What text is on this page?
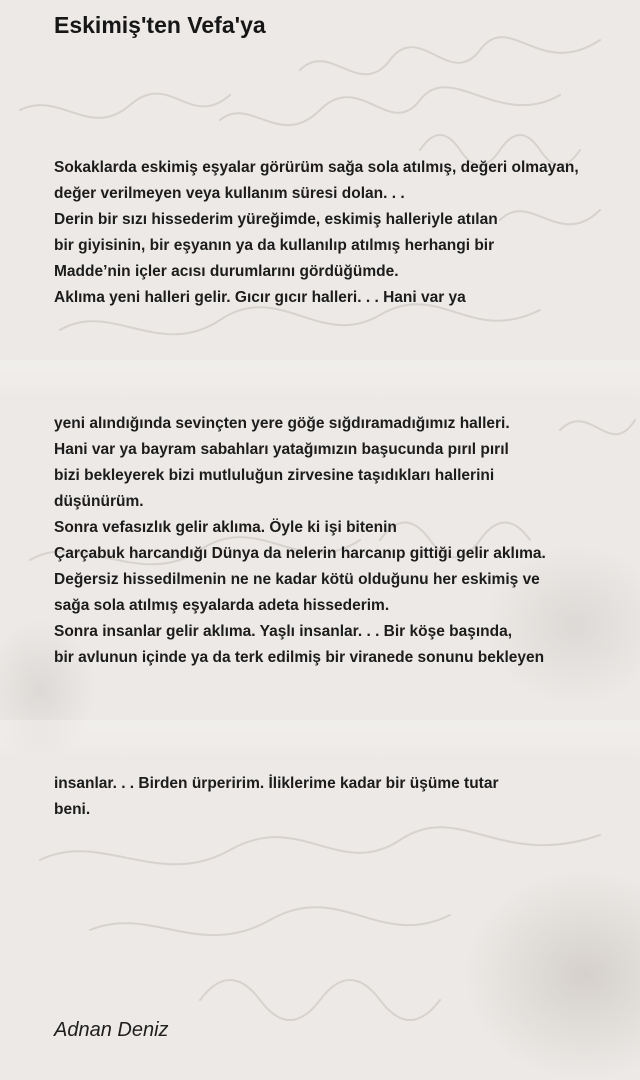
Eskimiş'ten Vefa'ya
Sokaklarda eskimiş eşyalar görürüm sağa sola atılmış, değeri olmayan,
değer verilmeyen veya kullanım süresi dolan. . .
Derin bir sızı hissederim yüreğimde, eskimiş halleriyle atılan
bir giyisinin, bir eşyanın ya da kullanılıp atılmış herhangi bir
Madde’nin içler acısı durumlarını gördüğümde.
Aklıma yeni halleri gelir. Gıcır gıcır halleri. . . Hani var ya
yeni alındığında sevinçten yere göğe sığdıramadığımız halleri.
Hani var ya bayram sabahları yatağımızın başucunda pırıl pırıl
bizi bekleyerek bizi mutluluğun zirvesine taşıdıkları hallerini
düşünürüm.
Sonra vefasızlık gelir aklıma. Öyle ki işi bitenin
Çarçabuk harcandığı Dünya da nelerin harcanıp gittiği gelir aklıma.
Değersiz hissedilmenin ne ne kadar kötü olduğunu her eskimiş ve
sağa sola atılmış eşyalarda adeta hissederim.
Sonra insanlar gelir aklıma. Yaşlı insanlar. . . Bir köşe başında,
bir avlunun içinde ya da terk edilmiş bir viranede sonunu bekleyen
insanlar. . . Birden ürperirim. İliklerime kadar bir üşüme tutar
beni.

Adnan Deniz
